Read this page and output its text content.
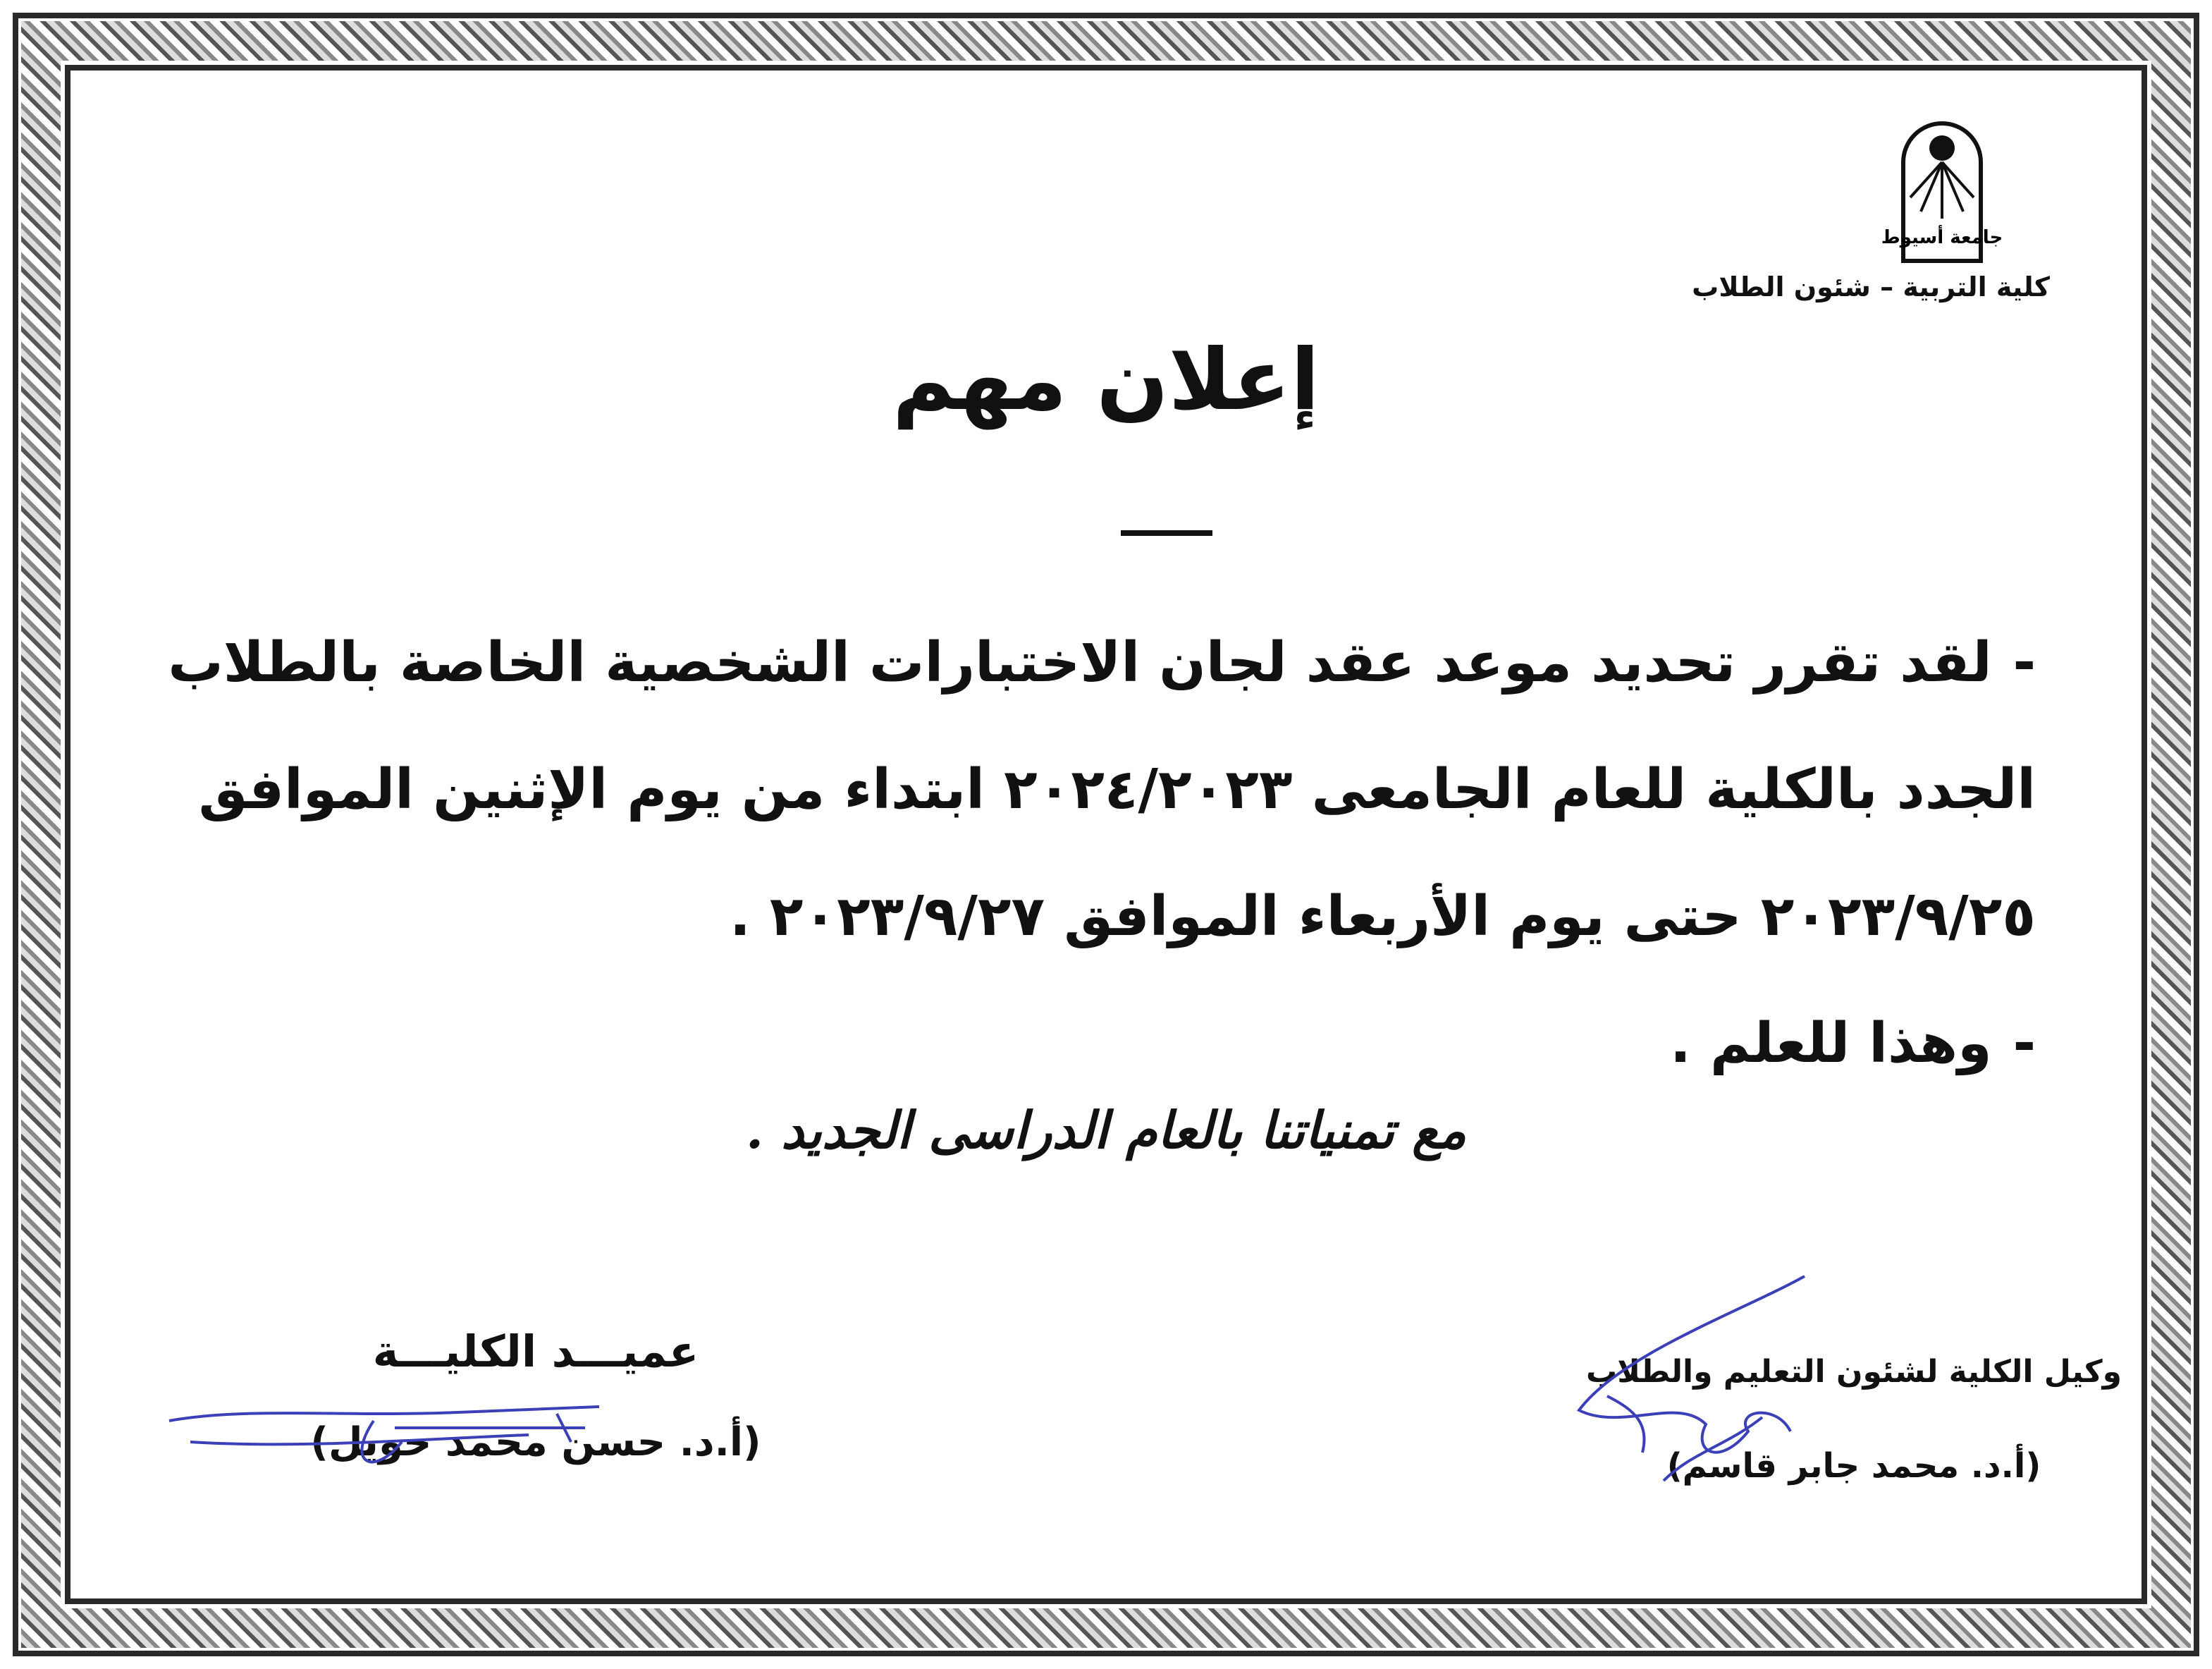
جامعة أسيوط
كلية التربية – شئون الطلاب
إعلان مهم
-لقد تقرر تحديد موعد عقد لجان الاختبارات الشخصية الخاصة بالطلاب
الجدد بالكلية للعام الجامعى ٢٠٢٤/٢٠٢٣ ابتداء من يوم الإثنين الموافق
٢٠٢٣/٩/٢٥ حتى يوم الأربعاء الموافق ٢٠٢٣/٩/٢٧ .
-وهذا للعلم .
مع تمنياتنا بالعام الدراسى الجديد .
عميـــد الكليـــة
(أ.د. حسن محمد حويل)
وكيل الكلية لشئون التعليم والطلاب
(أ.د. محمد جابر قاسم)
